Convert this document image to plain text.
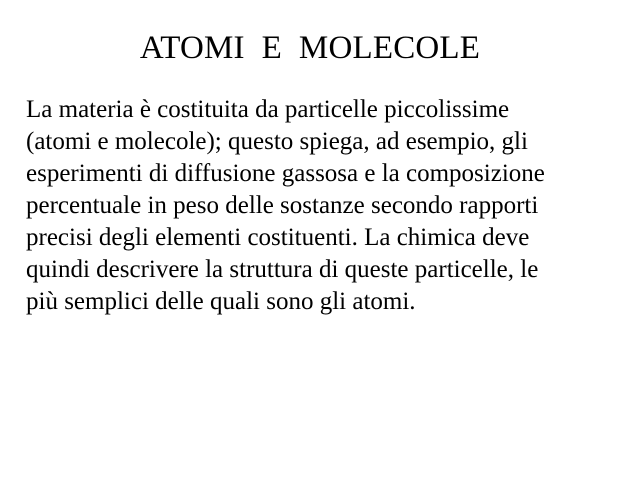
ATOMI  E  MOLECOLE

La materia è costituita da particelle piccolissime
(atomi e molecole); questo spiega, ad esempio, gli
esperimenti di diffusione gassosa e la composizione
percentuale in peso delle sostanze secondo rapporti
precisi degli elementi costituenti. La chimica deve
quindi descrivere la struttura di queste particelle, le
più semplici delle quali sono gli atomi.
